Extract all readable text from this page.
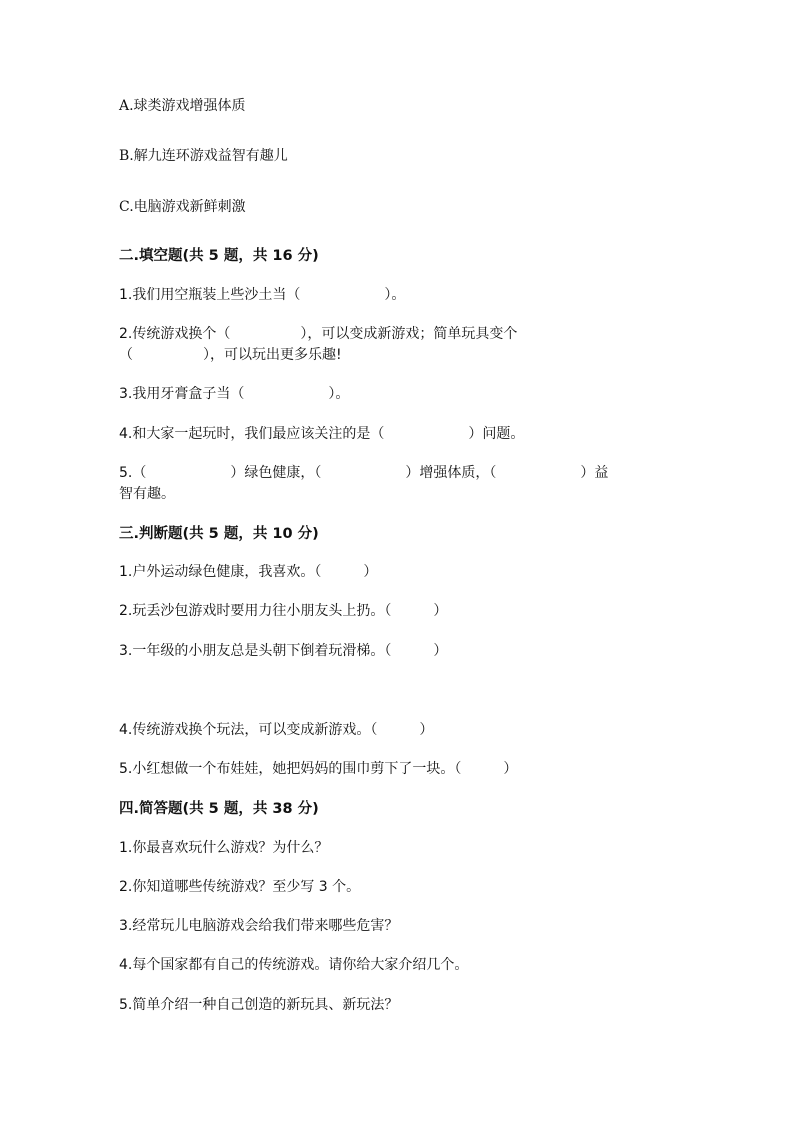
A.球类游戏增强体质
B.解九连环游戏益智有趣儿
C.电脑游戏新鲜刺激
二.填空题(共 5 题，共 16 分)
1.我们用空瓶装上些沙土当（　　　　　　）。
2.传统游戏换个（　　　　　），可以变成新游戏；简单玩具变个
（　　　　　），可以玩出更多乐趣!
3.我用牙膏盒子当（　　　　　　）。
4.和大家一起玩时，我们最应该关注的是（　　　　　　）问题。
5.（　　　　　　）绿色健康，（　　　　　　）增强体质，（　　　　　　）益
智有趣。
三.判断题(共 5 题，共 10 分)
1.户外运动绿色健康，我喜欢。（　　　）
2.玩丢沙包游戏时要用力往小朋友头上扔。（　　　）
3.一年级的小朋友总是头朝下倒着玩滑梯。（　　　）
4.传统游戏换个玩法，可以变成新游戏。（　　　）
5.小红想做一个布娃娃，她把妈妈的围巾剪下了一块。（　　　）
四.简答题(共 5 题，共 38 分)
1.你最喜欢玩什么游戏？为什么？
2.你知道哪些传统游戏？至少写 3 个。
3.经常玩儿电脑游戏会给我们带来哪些危害？
4.每个国家都有自己的传统游戏。请你给大家介绍几个。
5.简单介绍一种自己创造的新玩具、新玩法？
